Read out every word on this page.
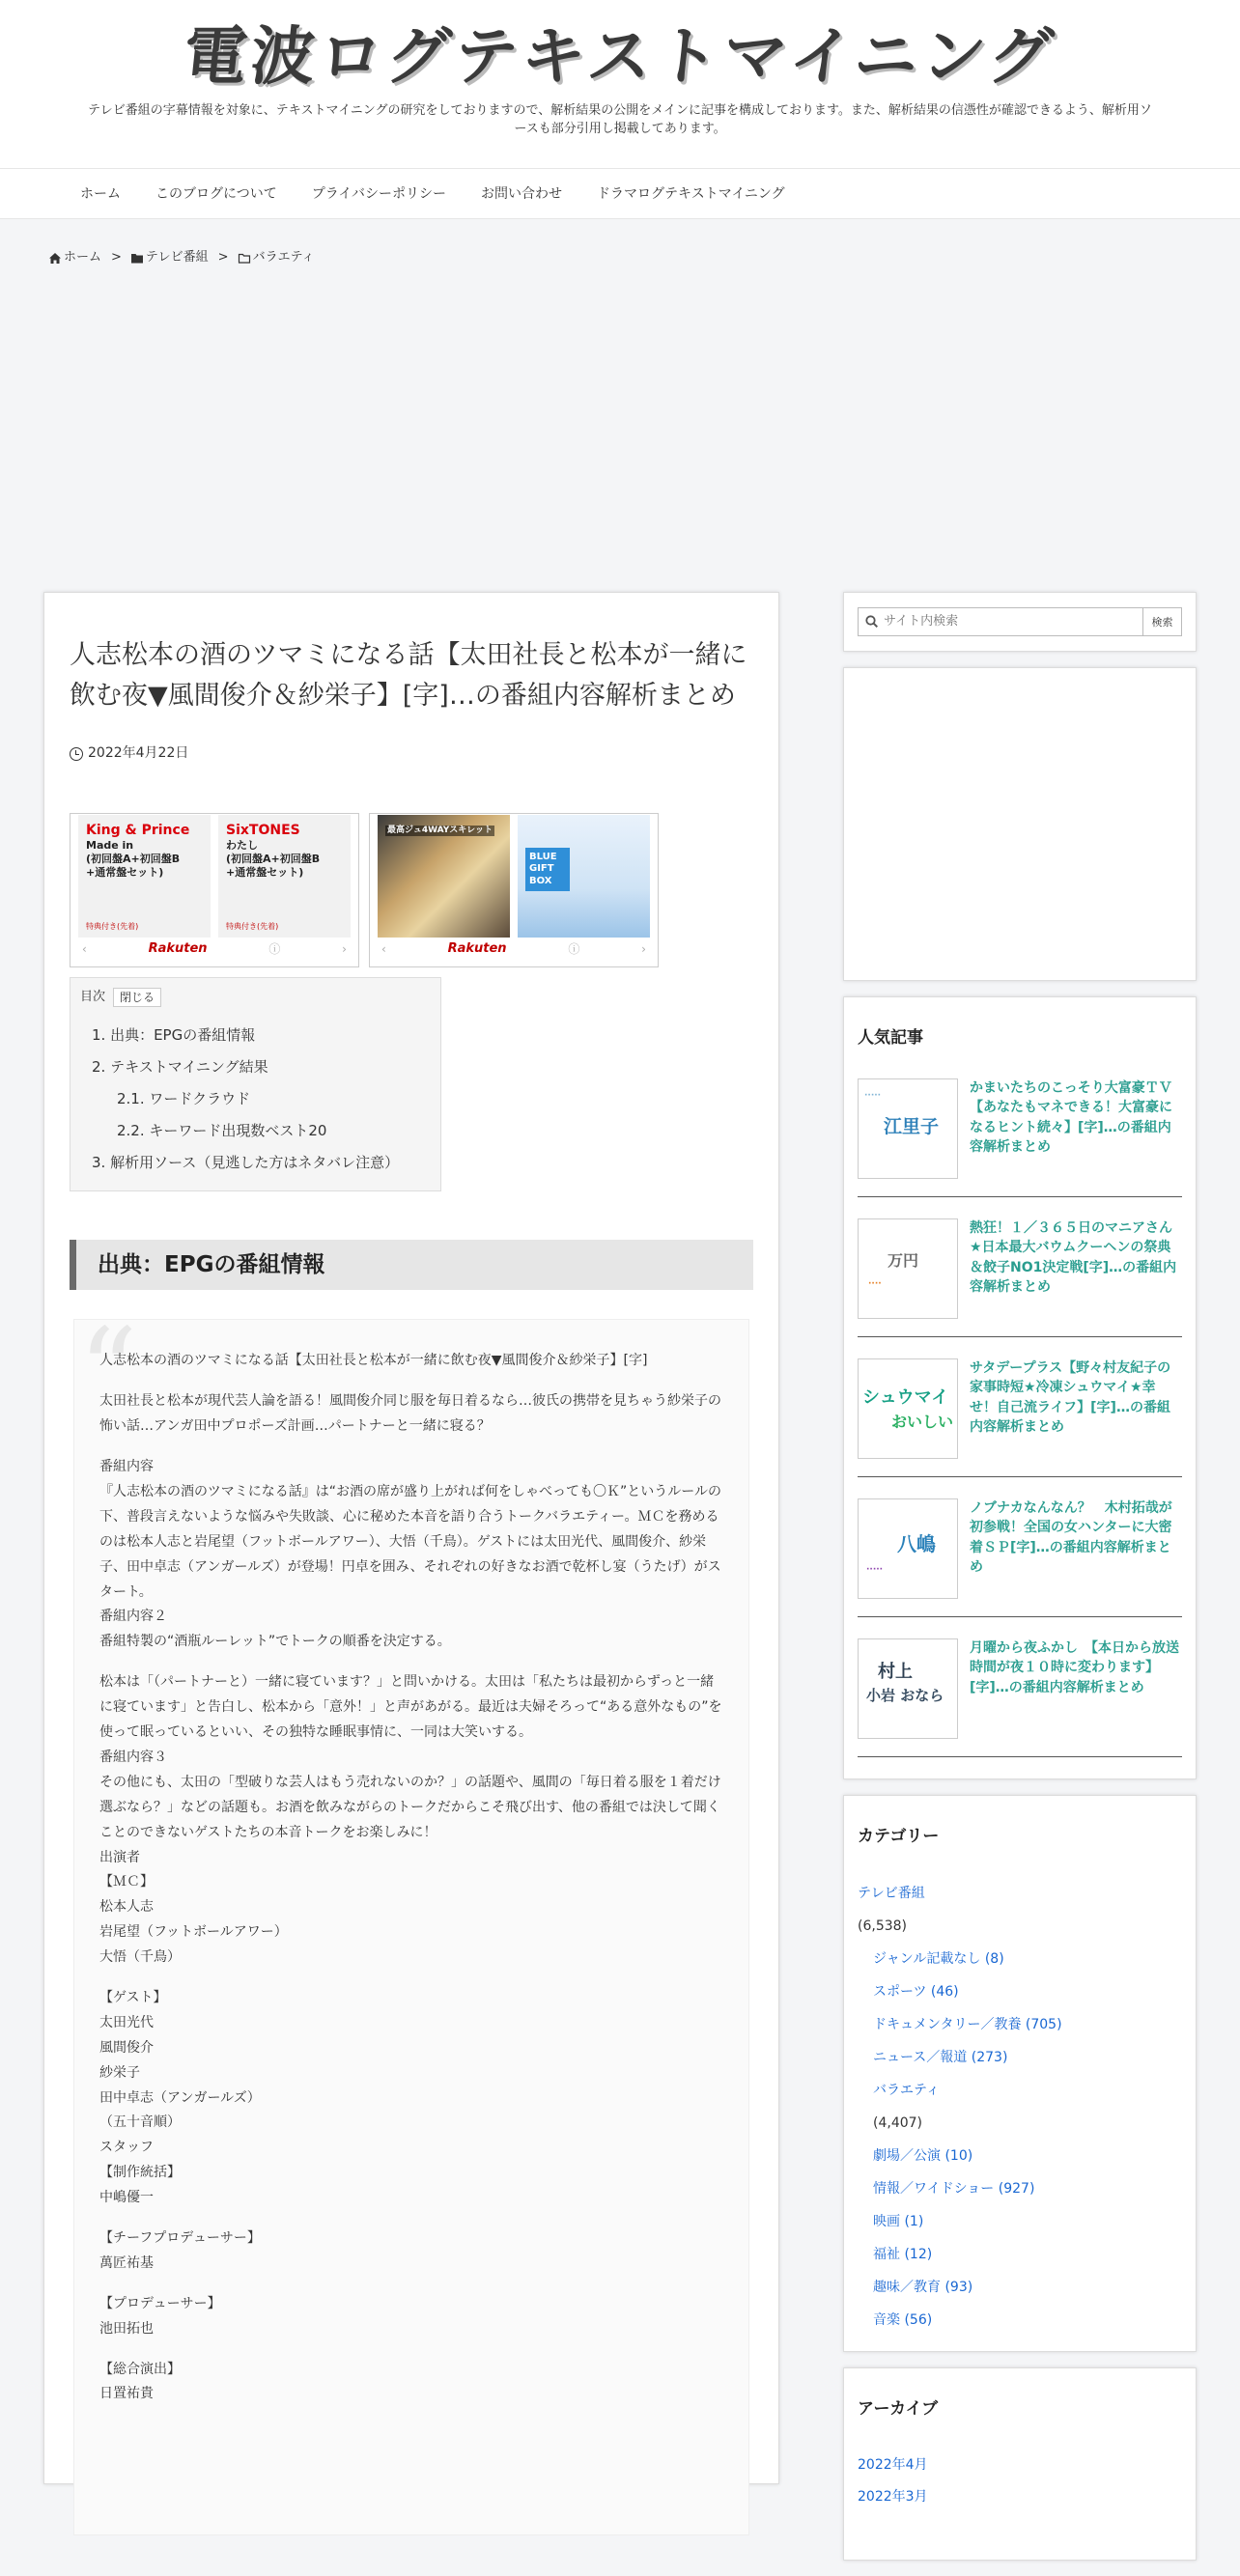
電波ログテキストマイニング

テレビ番組の字幕情報を対象に、テキストマイニングの研究をしておりますので、解析結果の公開をメインに記事を構成しております。また、解析結果の信憑性が確認できるよう、解析用ソースも部分引用し掲載してあります。

ホーム	このブログについて	プライバシーポリシー	お問い合わせ	ドラマログテキストマイニング
ホーム > テレビ番組 > バラエティ
人志松本の酒のツマミになる話【太田社長と松本が一緒に飲む夜▼風間俊介＆紗栄子】[字]…の番組内容解析まとめ
2022年4月22日
King & Prince
Made in
(初回盤A+初回盤B
+通常盤セット)
特典付き(先着)
SixTONES
わたし
(初回盤A+初回盤B
+通常盤セット)
特典付き(先着)
‹	Rakuten	ⓘ	›
最高ジュ4WAYスキレット
BLUE GIFT BOX
‹	Rakuten	ⓘ	›
目次	閉じる
1. 出典：EPGの番組情報
2. テキストマイニング結果
2.1. ワードクラウド
2.2. キーワード出現数ベスト20
3. 解析用ソース（見逃した方はネタバレ注意）
出典：EPGの番組情報
“

人志松本の酒のツマミになる話【太田社長と松本が一緒に飲む夜▼風間俊介＆紗栄子】[字]

太田社長と松本が現代芸人論を語る！風間俊介同じ服を毎日着るなら…彼氏の携帯を見ちゃう紗栄子の怖い話…アンガ田中プロポーズ計画…パートナーと一緒に寝る？

番組内容

『人志松本の酒のツマミになる話』は“お酒の席が盛り上がれば何をしゃべっても〇Ｋ”というルールの下、普段言えないような悩みや失敗談、心に秘めた本音を語り合うトークバラエティー。ＭＣを務めるのは松本人志と岩尾望（フットボールアワー）、大悟（千鳥）。ゲストには太田光代、風間俊介、紗栄子、田中卓志（アンガールズ）が登場！円卓を囲み、それぞれの好きなお酒で乾杯し宴（うたげ）がスタート。

番組内容２

番組特製の“酒瓶ルーレット”でトークの順番を決定する。

松本は「（パートナーと）一緒に寝ています？」と問いかける。太田は「私たちは最初からずっと一緒に寝ています」と告白し、松本から「意外！」と声があがる。最近は夫婦そろって“ある意外なもの”を使って眠っているといい、その独特な睡眠事情に、一同は大笑いする。

番組内容３

その他にも、太田の「型破りな芸人はもう売れないのか？」の話題や、風間の「毎日着る服を１着だけ選ぶなら？」などの話題も。お酒を飲みながらのトークだからこそ飛び出す、他の番組では決して聞くことのできないゲストたちの本音トークをお楽しみに！

出演者

【ＭＣ】

松本人志

岩尾望（フットボールアワー）

大悟（千鳥）

【ゲスト】

太田光代

風間俊介

紗栄子

田中卓志（アンガールズ）

（五十音順）

スタッフ

【制作統括】

中嶋優一

【チーフプロデューサー】

萬匠祐基

【プロデューサー】

池田拓也

【総合演出】

日置祐貴

サイト内検索
検索
人気記事
江里子
·····	かまいたちのこっそり大富豪ＴＶ【あなたもマネできる！大富豪になるヒント続々】[字]…の番組内容解析まとめ
万円
····
熱狂！１／３６５日のマニアさん★日本最大バウムクーヘンの祭典＆餃子NO1決定戦[字]…の番組内容解析まとめ
シュウマイ
おいしい
サタデープラス【野々村友紀子の家事時短★冷凍シュウマイ★幸せ！自己流ライフ】[字]…の番組内容解析まとめ
八嶋
·····
ノブナカなんなん？　木村拓哉が初参戦！全国の女ハンターに大密着ＳＰ[字]…の番組内容解析まとめ
村上
小岩 おなら
月曜から夜ふかし　【本日から放送時間が夜１０時に変わります】[字]…の番組内容解析まとめ
カテゴリー
テレビ番組
(6,538)
ジャンル記載なし (8)
スポーツ (46)
ドキュメンタリー／教養 (705)
ニュース／報道 (273)
バラエティ
(4,407)
劇場／公演 (10)
情報／ワイドショー (927)
映画 (1)
福祉 (12)
趣味／教育 (93)
音楽 (56)
アーカイブ
2022年4月
2022年3月
